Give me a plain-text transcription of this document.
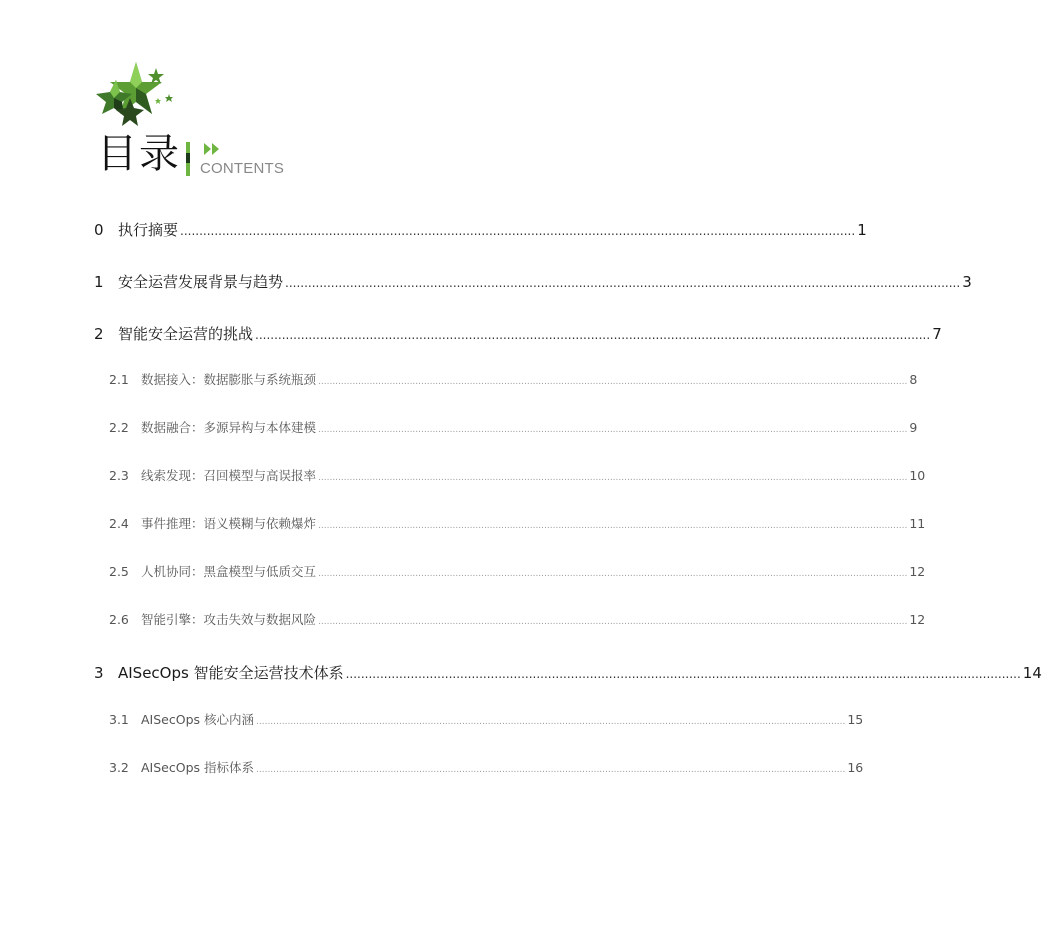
目录 CONTENTS
0 执行摘要 ................................................................................................................................................................................. 1
1 安全运营发展背景与趋势 ................................................................................................................................................................................. 3
2 智能安全运营的挑战 ................................................................................................................................................................................. 7
2.1 数据接入：数据膨胀与系统瓶颈 .............................................................................................................................................................................................................. 8
2.2 数据融合：多源异构与本体建模 .............................................................................................................................................................................................................. 9
2.3 线索发现：召回模型与高误报率 .............................................................................................................................................................................................................. 10
2.4 事件推理：语义模糊与依赖爆炸 .............................................................................................................................................................................................................. 11
2.5 人机协同：黑盒模型与低质交互 .............................................................................................................................................................................................................. 12
2.6 智能引擎：攻击失效与数据风险 .............................................................................................................................................................................................................. 12
3 AISecOps 智能安全运营技术体系 ................................................................................................................................................................................. 14
3.1 AISecOps 核心内涵 .............................................................................................................................................................................................................. 15
3.2 AISecOps 指标体系 .............................................................................................................................................................................................................. 16
